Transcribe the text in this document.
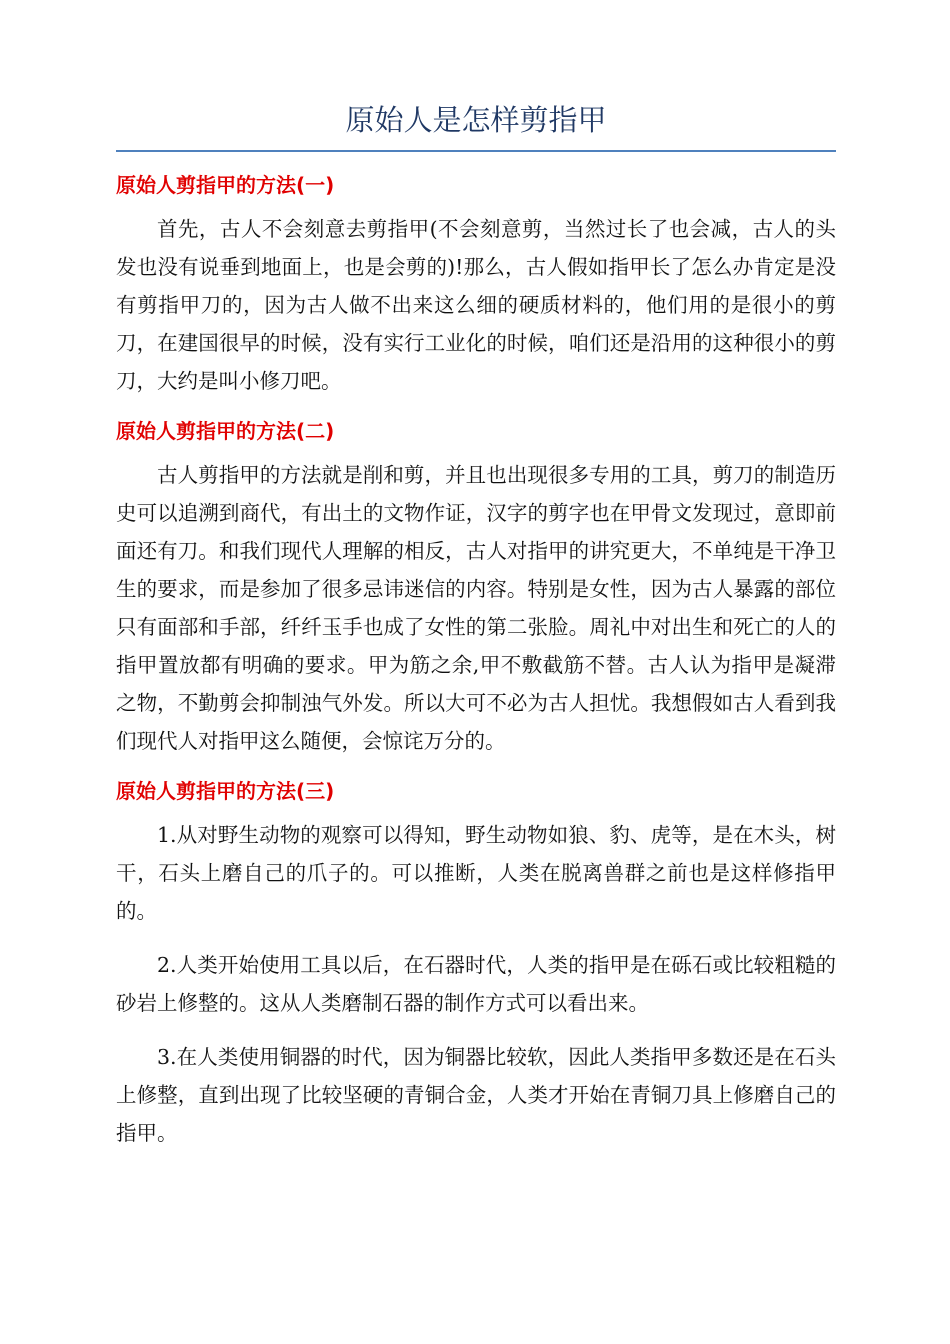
原始人是怎样剪指甲
原始人剪指甲的方法(一)

首先，古人不会刻意去剪指甲(不会刻意剪，当然过长了也会减，古人的头发也没有说垂到地面上，也是会剪的)!那么，古人假如指甲长了怎么办肯定是没有剪指甲刀的，因为古人做不出来这么细的硬质材料的，他们用的是很小的剪刀，在建国很早的时候，没有实行工业化的时候，咱们还是沿用的这种很小的剪刀，大约是叫小修刀吧。

原始人剪指甲的方法(二)

古人剪指甲的方法就是削和剪，并且也出现很多专用的工具，剪刀的制造历史可以追溯到商代，有出土的文物作证，汉字的剪字也在甲骨文发现过，意即前面还有刀。和我们现代人理解的相反，古人对指甲的讲究更大，不单纯是干净卫生的要求，而是参加了很多忌讳迷信的内容。特别是女性，因为古人暴露的部位只有面部和手部，纤纤玉手也成了女性的第二张脸。周礼中对出生和死亡的人的指甲置放都有明确的要求。甲为筋之余,甲不敷截筋不替。古人认为指甲是凝滞之物，不勤剪会抑制浊气外发。所以大可不必为古人担忧。我想假如古人看到我们现代人对指甲这么随便，会惊诧万分的。

原始人剪指甲的方法(三)

1.从对野生动物的观察可以得知，野生动物如狼、豹、虎等，是在木头，树干，石头上磨自己的爪子的。可以推断，人类在脱离兽群之前也是这样修指甲的。

2.人类开始使用工具以后，在石器时代，人类的指甲是在砾石或比较粗糙的砂岩上修整的。这从人类磨制石器的制作方式可以看出来。

3.在人类使用铜器的时代，因为铜器比较软，因此人类指甲多数还是在石头上修整，直到出现了比较坚硬的青铜合金，人类才开始在青铜刀具上修磨自己的指甲。
